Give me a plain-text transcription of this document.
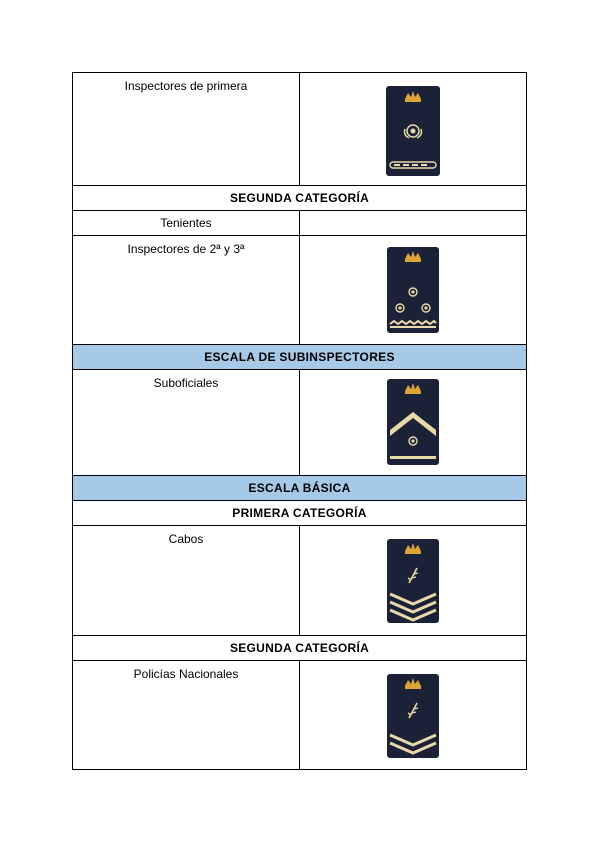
Inspectores de primera

SEGUNDA CATEGORÍA	

Tenientes	

Inspectores de 2ª y 3ª

ESCALA DE SUBINSPECTORES	

Suboficiales

ESCALA BÁSICA	
PRIMERA CATEGORÍA	

Cabos

SEGUNDA CATEGORÍA	

Policías Nacionales
